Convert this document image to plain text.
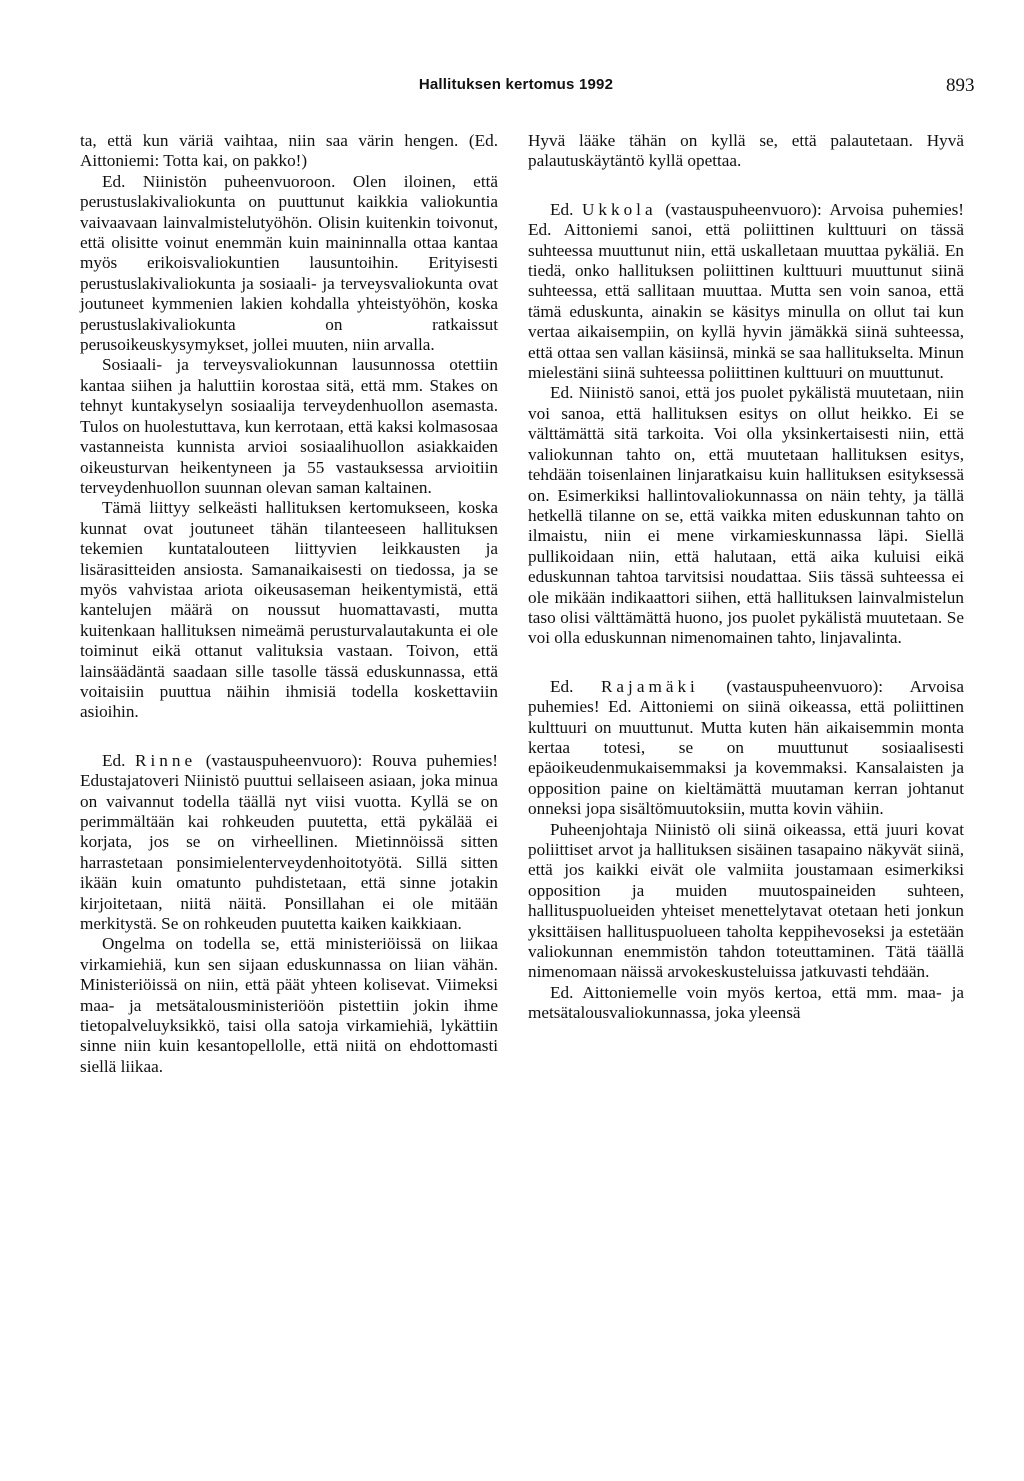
Hallituksen kertomus 1992	893

ta, että kun väriä vaihtaa, niin saa värin hengen. (Ed. Aittoniemi: Totta kai, on pakko!)

Ed. Niinistön puheenvuoroon. Olen iloinen, että perustuslakivaliokunta on puuttunut kaikkia valiokuntia vaivaavaan lainvalmistelutyöhön. Olisin kuitenkin toivonut, että olisitte voinut enemmän kuin maininnalla ottaa kantaa myös erikoisvaliokuntien lausuntoihin. Erityisesti perustuslakivaliokunta ja sosiaali- ja terveysvaliokunta ovat joutuneet kymmenien lakien kohdalla yhteistyöhön, koska perustuslakivaliokunta on ratkaissut perusoikeuskysymykset, jollei muuten, niin arvalla.

Sosiaali- ja terveysvaliokunnan lausunnossa otettiin kantaa siihen ja haluttiin korostaa sitä, että mm. Stakes on tehnyt kuntakyselyn sosiaalija terveydenhuollon asemasta. Tulos on huolestuttava, kun kerrotaan, että kaksi kolmasosaa vastanneista kunnista arvioi sosiaalihuollon asiakkaiden oikeusturvan heikentyneen ja 55 vastauksessa arvioitiin terveydenhuollon suunnan olevan saman kaltainen.

Tämä liittyy selkeästi hallituksen kertomukseen, koska kunnat ovat joutuneet tähän tilanteeseen hallituksen tekemien kuntatalouteen liittyvien leikkausten ja lisärasitteiden ansiosta. Samanaikaisesti on tiedossa, ja se myös vahvistaa ariota oikeusaseman heikentymistä, että kantelujen määrä on noussut huomattavasti, mutta kuitenkaan hallituksen nimeämä perusturvalautakunta ei ole toiminut eikä ottanut valituksia vastaan. Toivon, että lainsäädäntä saadaan sille tasolle tässä eduskunnassa, että voitaisiin puuttua näihin ihmisiä todella koskettaviin asioihin.

Ed. Rinne (vastauspuheenvuoro): Rouva puhemies! Edustajatoveri Niinistö puuttui sellaiseen asiaan, joka minua on vaivannut todella täällä nyt viisi vuotta. Kyllä se on perimmältään kai rohkeuden puutetta, että pykälää ei korjata, jos se on virheellinen. Mietinnöissä sitten harrastetaan ponsimielenterveydenhoitotyötä. Sillä sitten ikään kuin omatunto puhdistetaan, että sinne jotakin kirjoitetaan, niitä näitä. Ponsillahan ei ole mitään merkitystä. Se on rohkeuden puutetta kaiken kaikkiaan.

Ongelma on todella se, että ministeriöissä on liikaa virkamiehiä, kun sen sijaan eduskunnassa on liian vähän. Ministeriöissä on niin, että päät yhteen kolisevat. Viimeksi maa- ja metsätalousministeriöön pistettiin jokin ihme tietopalveluyksikkö, taisi olla satoja virkamiehiä, lykättiin sinne niin kuin kesantopellolle, että niitä on ehdottomasti siellä liikaa.

Hyvä lääke tähän on kyllä se, että palautetaan. Hyvä palautuskäytäntö kyllä opettaa.

Ed. Ukkola (vastauspuheenvuoro): Arvoisa puhemies! Ed. Aittoniemi sanoi, että poliittinen kulttuuri on tässä suhteessa muuttunut niin, että uskalletaan muuttaa pykäliä. En tiedä, onko hallituksen poliittinen kulttuuri muuttunut siinä suhteessa, että sallitaan muuttaa. Mutta sen voin sanoa, että tämä eduskunta, ainakin se käsitys minulla on ollut tai kun vertaa aikaisempiin, on kyllä hyvin jämäkkä siinä suhteessa, että ottaa sen vallan käsiinsä, minkä se saa hallitukselta. Minun mielestäni siinä suhteessa poliittinen kulttuuri on muuttunut.

Ed. Niinistö sanoi, että jos puolet pykälistä muutetaan, niin voi sanoa, että hallituksen esitys on ollut heikko. Ei se välttämättä sitä tarkoita. Voi olla yksinkertaisesti niin, että valiokunnan tahto on, että muutetaan hallituksen esitys, tehdään toisenlainen linjaratkaisu kuin hallituksen esityksessä on. Esimerkiksi hallintovaliokunnassa on näin tehty, ja tällä hetkellä tilanne on se, että vaikka miten eduskunnan tahto on ilmaistu, niin ei mene virkamieskunnassa läpi. Siellä pullikoidaan niin, että halutaan, että aika kuluisi eikä eduskunnan tahtoa tarvitsisi noudattaa. Siis tässä suhteessa ei ole mikään indikaattori siihen, että hallituksen lainvalmistelun taso olisi välttämättä huono, jos puolet pykälistä muutetaan. Se voi olla eduskunnan nimenomainen tahto, linjavalinta.

Ed. Rajamäki (vastauspuheenvuoro): Arvoisa puhemies! Ed. Aittoniemi on siinä oikeassa, että poliittinen kulttuuri on muuttunut. Mutta kuten hän aikaisemmin monta kertaa totesi, se on muuttunut sosiaalisesti epäoikeudenmukaisemmaksi ja kovemmaksi. Kansalaisten ja opposition paine on kieltämättä muutaman kerran johtanut onneksi jopa sisältömuutoksiin, mutta kovin vähiin.

Puheenjohtaja Niinistö oli siinä oikeassa, että juuri kovat poliittiset arvot ja hallituksen sisäinen tasapaino näkyvät siinä, että jos kaikki eivät ole valmiita joustamaan esimerkiksi opposition ja muiden muutospaineiden suhteen, hallituspuolueiden yhteiset menettelytavat otetaan heti jonkun yksittäisen hallituspuolueen taholta keppihevoseksi ja estetään valiokunnan enemmistön tahdon toteuttaminen. Tätä täällä nimenomaan näissä arvokeskusteluissa jatkuvasti tehdään.

Ed. Aittoniemelle voin myös kertoa, että mm. maa- ja metsätalousvaliokunnassa, joka yleensä
